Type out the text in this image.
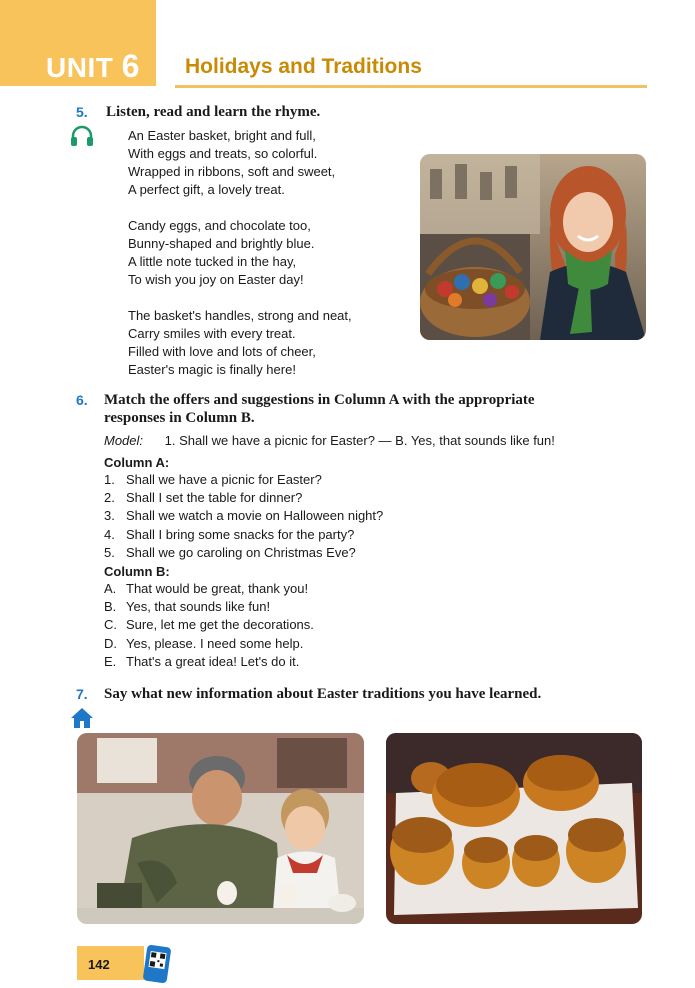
UNIT 6 Holidays and Traditions
5. Listen, read and learn the rhyme.
An Easter basket, bright and full,
With eggs and treats, so colorful.
Wrapped in ribbons, soft and sweet,
A perfect gift, a lovely treat.
Candy eggs, and chocolate too,
Bunny-shaped and brightly blue.
A little note tucked in the hay,
To wish you joy on Easter day!
The basket's handles, strong and neat,
Carry smiles with every treat.
Filled with love and lots of cheer,
Easter's magic is finally here!
6. Match the offers and suggestions in Column A with the appropriate
responses in Column B.
Model: 1. Shall we have a picnic for Easter? — B. Yes, that sounds like fun!
Column A:
1. Shall we have a picnic for Easter?
2. Shall I set the table for dinner?
3. Shall we watch a movie on Halloween night?
4. Shall I bring some snacks for the party?
5. Shall we go caroling on Christmas Eve?
Column B:
A. That would be great, thank you!
B. Yes, that sounds like fun!
C. Sure, let me get the decorations.
D. Yes, please. I need some help.
E. That's a great idea! Let's do it.
7. Say what new information about Easter traditions you have learned.
142
